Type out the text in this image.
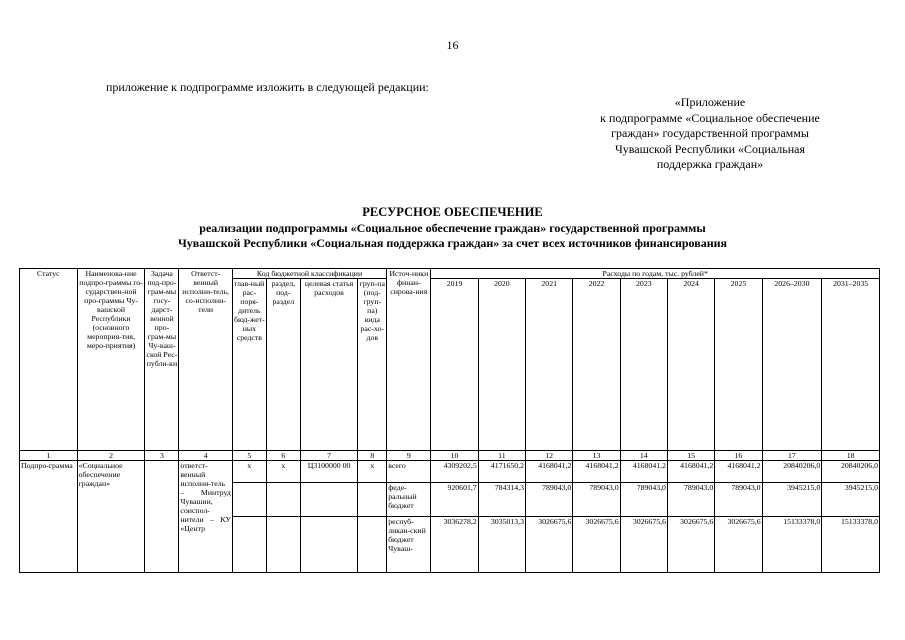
16
приложение к подпрограмме изложить в следующей редакции:
«Приложение
к подпрограмме «Социальное обеспечение
граждан» государственной программы
Чувашской Республики «Социальная
поддержка граждан»
РЕСУРСНОЕ ОБЕСПЕЧЕНИЕ
реализации подпрограммы «Социальное обеспечение граждан» государственной программы
Чувашской Республики «Социальная поддержка граждан» за счет всех источников финансирования
Статус	Наименова-ние подпро-граммы го-сударствен-ной про-граммы Чу-вашской Республики (основного мероприя-тия, меро-приятия)	Задача под-про-грам-мы госу-дарст-венной про-грам-мы Чу-ваш-ской Рес-публи-ки	Ответст-венный исполни-тель, со-исполни-тели	Код бюджетной классификации				Источ-ники финан-сирова-ния	Расходы по годам, тыс. рублей*								
				глав-ный рас-поря-дитель бюд-жет-ных средств	раздел, под-раздел	целевая статья расходов	груп-па (под-груп-па) вида рас-хо-дов		2019	2020	2021	2022	2023	2024	2025	2026–2030	2031–2035
1	2	3	4	5	6	7	8	9	10	11	12	13	14	15	16	17	18
Подпро-грамма	«Социальное обеспечение граждан»		ответст-венный исполни-тель – Минтруд Чувашии, соиспол-нители – КУ «Центр	x	x	Ц3100000 00	x	всего	4309202,5	4171650,2	4168041,2	4168041,2	4168041,2	4168041,2	4168041,2	20840206,0	20840206,0
								феде-ральный бюджет	920601,7	784314,3	789043,0	789043,0	789043,0	789043,0	789043,0	3945215,0	3945215,0
								респуб-ликан-ский бюджет Чуваш-	3036278,2	3035013,3	3026675,6	3026675,6	3026675,6	3026675,6	3026675,6	15133378,0	15133378,0
